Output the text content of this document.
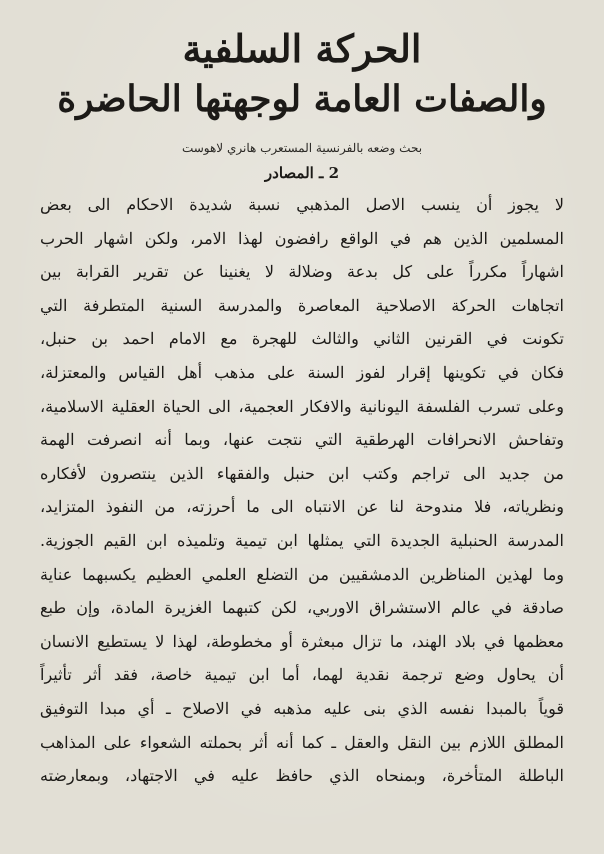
الحركة السلفية
والصفات العامة لوجهتها الحاضرة
بحث وضعه بالفرنسية المستعرب هانري لاهوست
2 ـ المصادر
لا يجوز أن ينسب الاصل المذهبي نسبة شديدة الاحكام الى بعض
المسلمين الذين هم في الواقع رافضون لهذا الامر، ولكن اشهار الحرب
اشهاراً مكرراً على كل بدعة وضلالة لا يغنينا عن تقرير القرابة بين
اتجاهات الحركة الاصلاحية المعاصرة والمدرسة السنية المتطرفة التي
تكونت في القرنين الثاني والثالث للهجرة مع الامام احمد بن حنبل،
فكان في تكوينها إقرار لفوز السنة على مذهب أهل القياس والمعتزلة،
وعلى تسرب الفلسفة اليونانية والافكار العجمية، الى الحياة العقلية الاسلامية،
وتفاحش الانحرافات الهرطقية التي نتجت عنها، وبما أنه انصرفت الهمة
من جديد الى تراجم وكتب ابن حنبل والفقهاء الذين ينتصرون لأفكاره
ونظرياته، فلا مندوحة لنا عن الانتباه الى ما أحرزته، من النفوذ المتزايد،
المدرسة الحنبلية الجديدة التي يمثلها ابن تيمية وتلميذه ابن القيم الجوزية.
وما لهذين المناظرين الدمشقيين من التضلع العلمي العظيم يكسبهما عناية
صادقة في عالم الاستشراق الاوربي، لكن كتبهما الغزيرة المادة، وإن طبع
معظمها في بلاد الهند، ما تزال مبعثرة أو مخطوطة، لهذا لا يستطيع الانسان
أن يحاول وضع ترجمة نقدية لهما، أما ابن تيمية خاصة، فقد أثر تأثيراً
قوياً بالمبدا نفسه الذي بنى عليه مذهبه في الاصلاح ـ أي مبدا التوفيق
المطلق اللازم بين النقل والعقل ـ كما أنه أثر بحملته الشعواء على المذاهب
الباطلة المتأخرة، وبمنحاه الذي حافظ عليه في الاجتهاد، وبمعارضته
